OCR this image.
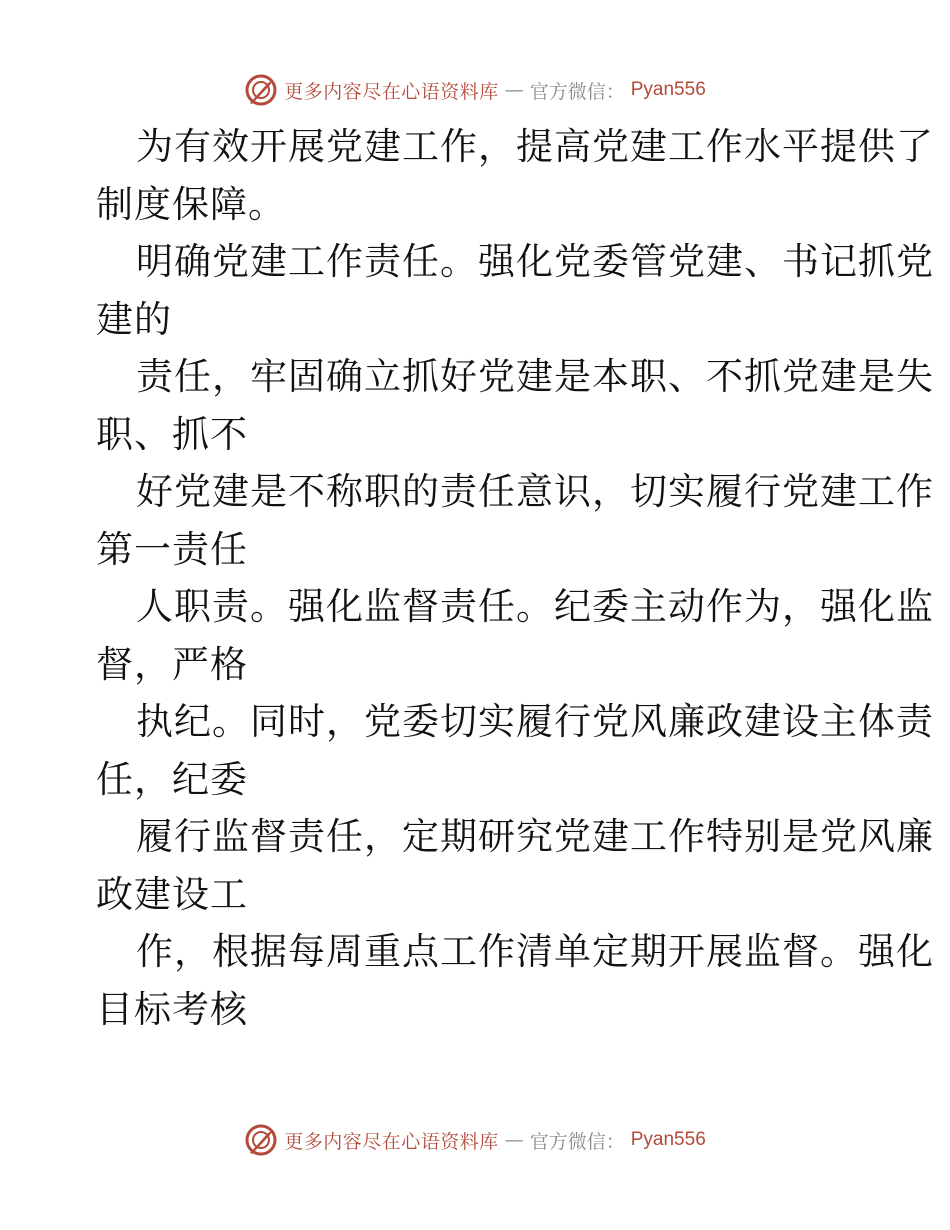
更多内容尽在心语资料库 — 官方微信： Pyan556
为有效开展党建工作，提高党建工作水平提供了
制度保障。
明确党建工作责任。强化党委管党建、书记抓党
建的
责任，牢固确立抓好党建是本职、不抓党建是失
职、抓不
好党建是不称职的责任意识，切实履行党建工作
第一责任
人职责。强化监督责任。纪委主动作为，强化监
督，严格
执纪。同时，党委切实履行党风廉政建设主体责
任，纪委
履行监督责任，定期研究党建工作特别是党风廉
政建设工
作，根据每周重点工作清单定期开展监督。强化
目标考核
更多内容尽在心语资料库 — 官方微信： Pyan556
